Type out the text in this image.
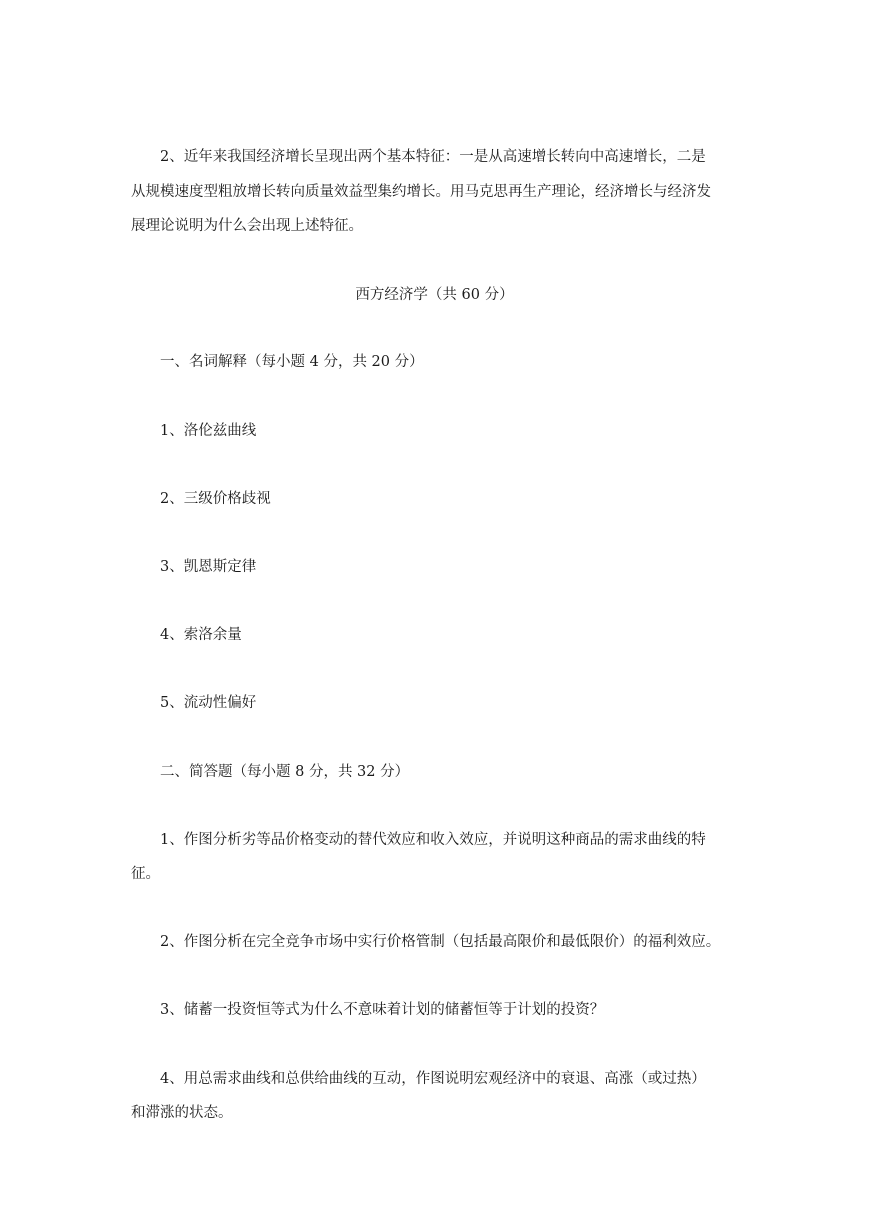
2、近年来我国经济增长呈现出两个基本特征：一是从高速增长转向中高速增长，二是
从规模速度型粗放增长转向质量效益型集约增长。用马克思再生产理论，经济增长与经济发
展理论说明为什么会出现上述特征。
西方经济学（共 60 分）
一、名词解释（每小题 4 分，共 20 分）
1、洛伦兹曲线
2、三级价格歧视
3、凯恩斯定律
4、索洛余量
5、流动性偏好
二、简答题（每小题 8 分，共 32 分）
1、作图分析劣等品价格变动的替代效应和收入效应，并说明这种商品的需求曲线的特
征。
2、作图分析在完全竞争市场中实行价格管制（包括最高限价和最低限价）的福利效应。
3、储蓄一投资恒等式为什么不意味着计划的储蓄恒等于计划的投资？
4、用总需求曲线和总供给曲线的互动，作图说明宏观经济中的衰退、高涨（或过热）
和滞涨的状态。
